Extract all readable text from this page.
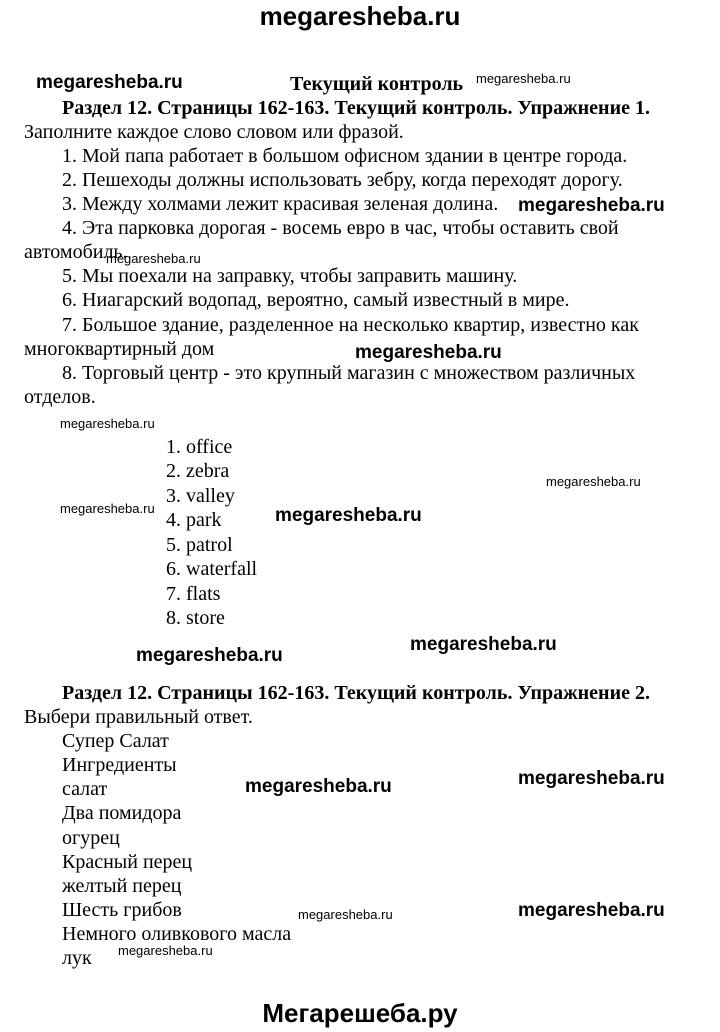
megaresheba.ru
megaresheba.ru	Текущий контроль megaresheba.ru
Раздел 12. Страницы 162-163. Текущий контроль. Упражнение 1.
Заполните каждое слово словом или фразой.
1. Мой папа работает в большом офисном здании в центре города.
2. Пешеходы должны использовать зебру, когда переходят дорогу.
3. Между холмами лежит красивая зеленая долина. megaresheba.ru
4. Эта парковка дорогая - восемь евро в час, чтобы оставить свой
автомобиль.
megaresheba.ru
5. Мы поехали на заправку, чтобы заправить машину.
6. Ниагарский водопад, вероятно, самый известный в мире.
7. Большое здание, разделенное на несколько квартир, известно как
многоквартирный дом	megaresheba.ru
8. Торговый центр - это крупный магазин с множеством различных
отделов.
megaresheba.ru
1. office
2. zebra	megaresheba.ru
3. valley
megaresheba.ru	megaresheba.ru
4. park
5. patrol
6. waterfall
7. flats
8. store
megaresheba.ru
megaresheba.ru
Раздел 12. Страницы 162-163. Текущий контроль. Упражнение 2.
Выбери правильный ответ.
Супер Салат
Ингредиенты
megaresheba.ru
megaresheba.ru
салат
Два помидора
огурец
Красный перец
желтый перец
Шесть грибов	megaresheba.ru
megaresheba.ru
Немного оливкового масла
megaresheba.ru
лук
Мегарешеба.ру
